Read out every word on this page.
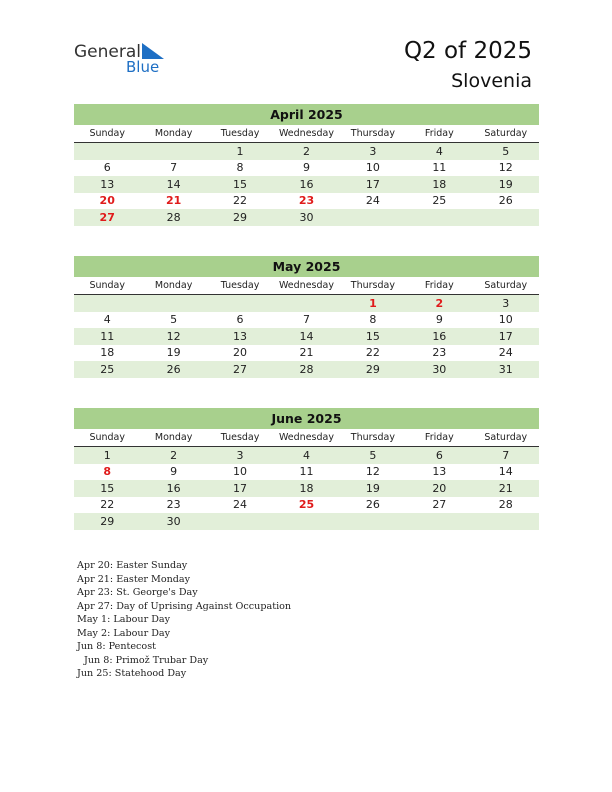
General
Blue
Q2 of 2025
Slovenia
April 2025
Sunday	Monday	Tuesday	Wednesday	Thursday	Friday	Saturday
		1	2	3	4	5
6	7	8	9	10	11	12
13	14	15	16	17	18	19
20	21	22	23	24	25	26
27	28	29	30			
May 2025
Sunday	Monday	Tuesday	Wednesday	Thursday	Friday	Saturday
				1	2	3
4	5	6	7	8	9	10
11	12	13	14	15	16	17
18	19	20	21	22	23	24
25	26	27	28	29	30	31
June 2025
Sunday	Monday	Tuesday	Wednesday	Thursday	Friday	Saturday
1	2	3	4	5	6	7
8	9	10	11	12	13	14
15	16	17	18	19	20	21
22	23	24	25	26	27	28
29	30					
Apr 20: Easter Sunday
Apr 21: Easter Monday
Apr 23: St. George's Day
Apr 27: Day of Uprising Against Occupation
May 1: Labour Day
May 2: Labour Day
Jun 8: Pentecost
Jun 8: Primož Trubar Day
Jun 25: Statehood Day
